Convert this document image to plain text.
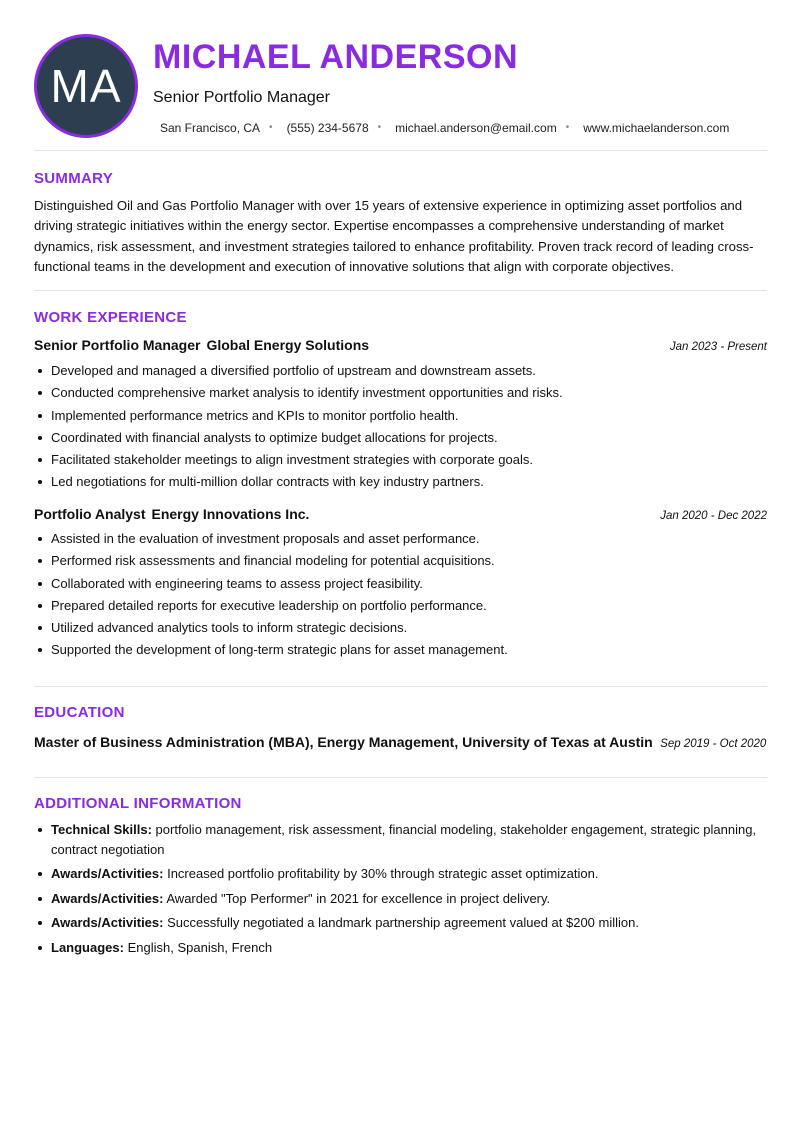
MA
MICHAEL ANDERSON
Senior Portfolio Manager
San Francisco, CA • (555) 234-5678 • michael.anderson@email.com • www.michaelanderson.com
SUMMARY
Distinguished Oil and Gas Portfolio Manager with over 15 years of extensive experience in optimizing asset portfolios and driving strategic initiatives within the energy sector. Expertise encompasses a comprehensive understanding of market dynamics, risk assessment, and investment strategies tailored to enhance profitability. Proven track record of leading cross-functional teams in the development and execution of innovative solutions that align with corporate objectives.
WORK EXPERIENCE
Senior Portfolio Manager Global Energy Solutions	Jan 2023 - Present
Developed and managed a diversified portfolio of upstream and downstream assets.
Conducted comprehensive market analysis to identify investment opportunities and risks.
Implemented performance metrics and KPIs to monitor portfolio health.
Coordinated with financial analysts to optimize budget allocations for projects.
Facilitated stakeholder meetings to align investment strategies with corporate goals.
Led negotiations for multi-million dollar contracts with key industry partners.
Portfolio Analyst Energy Innovations Inc.	Jan 2020 - Dec 2022
Assisted in the evaluation of investment proposals and asset performance.
Performed risk assessments and financial modeling for potential acquisitions.
Collaborated with engineering teams to assess project feasibility.
Prepared detailed reports for executive leadership on portfolio performance.
Utilized advanced analytics tools to inform strategic decisions.
Supported the development of long-term strategic plans for asset management.
EDUCATION
Master of Business Administration (MBA), Energy Management, University of Texas at Austin Sep 2019 - Oct 2020
ADDITIONAL INFORMATION
Technical Skills: portfolio management, risk assessment, financial modeling, stakeholder engagement, strategic planning, contract negotiation
Awards/Activities: Increased portfolio profitability by 30% through strategic asset optimization.
Awards/Activities: Awarded "Top Performer" in 2021 for excellence in project delivery.
Awards/Activities: Successfully negotiated a landmark partnership agreement valued at $200 million.
Languages: English, Spanish, French
